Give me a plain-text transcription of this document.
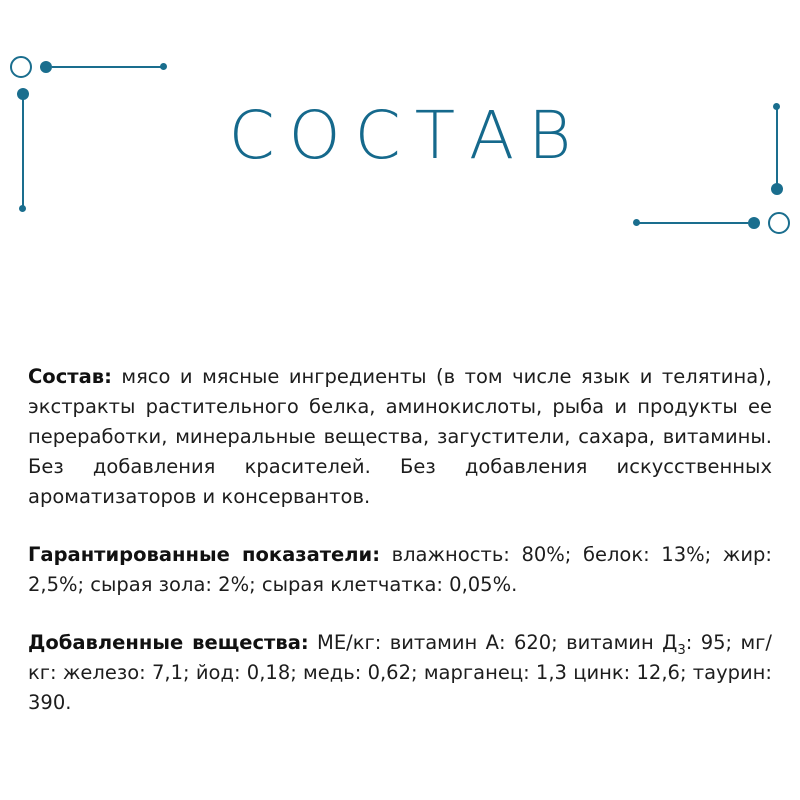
СОСТАВ

Состав: мясо и мясные ингредиенты (в том числе язык и телятина), экстракты растительного белка, аминокислоты, рыба и продукты ее переработки, минеральные вещества, загустители, сахара, витамины. Без добавления красителей. Без добавления искусственных ароматизаторов и консервантов.

Гарантированные показатели: влажность: 80%; белок: 13%; жир: 2,5%; сырая зола: 2%; сырая клетчатка: 0,05%.

Добавленные вещества: МЕ/кг: витамин А: 620; витамин $Д_3$: 95; мг/кг: железо: 7,1; йод: 0,18; медь: 0,62; марганец: 1,3 цинк: 12,6; таурин: 390.
